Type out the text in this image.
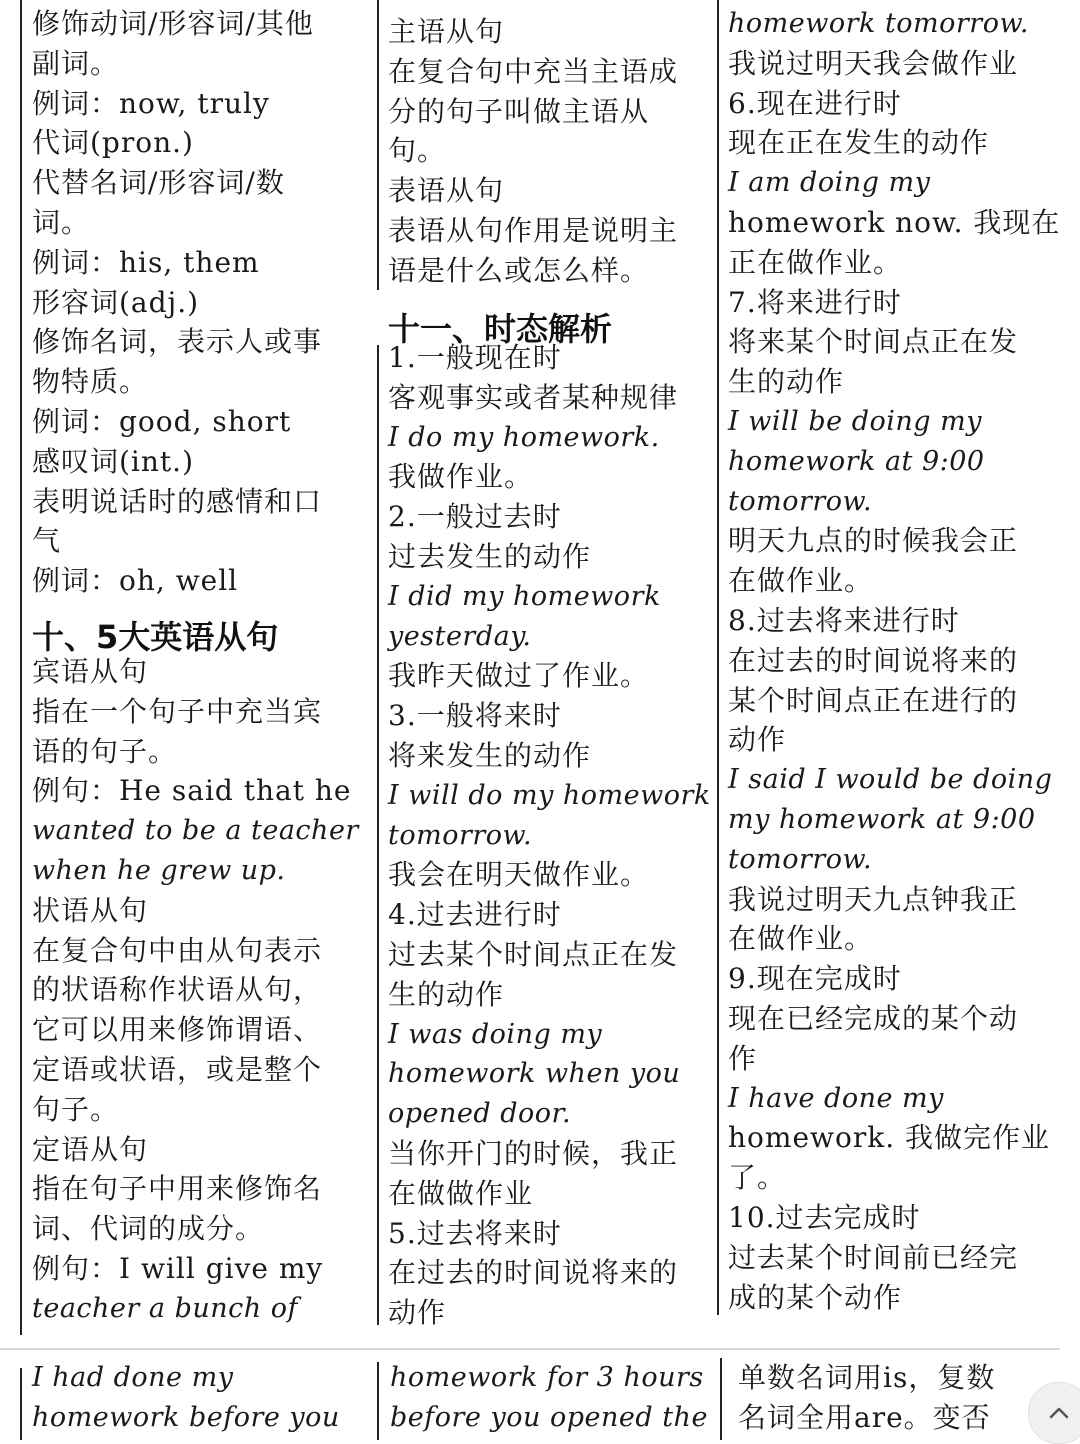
修饰动词/形容词/其他
副词。
例词：now, truly
代词(pron.)
代替名词/形容词/数
词。
例词：his, them
形容词(adj.)
修饰名词，表示人或事
物特质。
例词：good, short
感叹词(int.)
表明说话时的感情和口
气
例词：oh, well
十、5大英语从句
宾语从句
指在一个句子中充当宾
语的句子。
例句：He said that he
wanted to be a teacher
when he grew up.
状语从句
在复合句中由从句表示
的状语称作状语从句，
它可以用来修饰谓语、
定语或状语，或是整个
句子。
定语从句
指在句子中用来修饰名
词、代词的成分。
例句：I will give my
teacher a bunch of
主语从句
在复合句中充当主语成
分的句子叫做主语从
句。
表语从句
表语从句作用是说明主
语是什么或怎么样。
十一、时态解析
1.一般现在时
客观事实或者某种规律
I do my homework.
我做作业。
2.一般过去时
过去发生的动作
I did my homework
yesterday.
我昨天做过了作业。
3.一般将来时
将来发生的动作
I will do my homework
tomorrow.
我会在明天做作业。
4.过去进行时
过去某个时间点正在发
生的动作
I was doing my
homework when you
opened door.
当你开门的时候，我正
在做做作业
5.过去将来时
在过去的时间说将来的
动作
homework tomorrow.
我说过明天我会做作业
6.现在进行时
现在正在发生的动作
I am doing my
homework now. 我现在
正在做作业。
7.将来进行时
将来某个时间点正在发
生的动作
I will be doing my
homework at 9:00
tomorrow.
明天九点的时候我会正
在做作业。
8.过去将来进行时
在过去的时间说将来的
某个时间点正在进行的
动作
I said I would be doing
my homework at 9:00
tomorrow.
我说过明天九点钟我正
在做作业。
9.现在完成时
现在已经完成的某个动
作
I have done my
homework. 我做完作业
了。
10.过去完成时
过去某个时间前已经完
成的某个动作
I had done my
homework before you
homework for 3 hours
before you opened the
单数名词用is，复数
名词全用are。变否
